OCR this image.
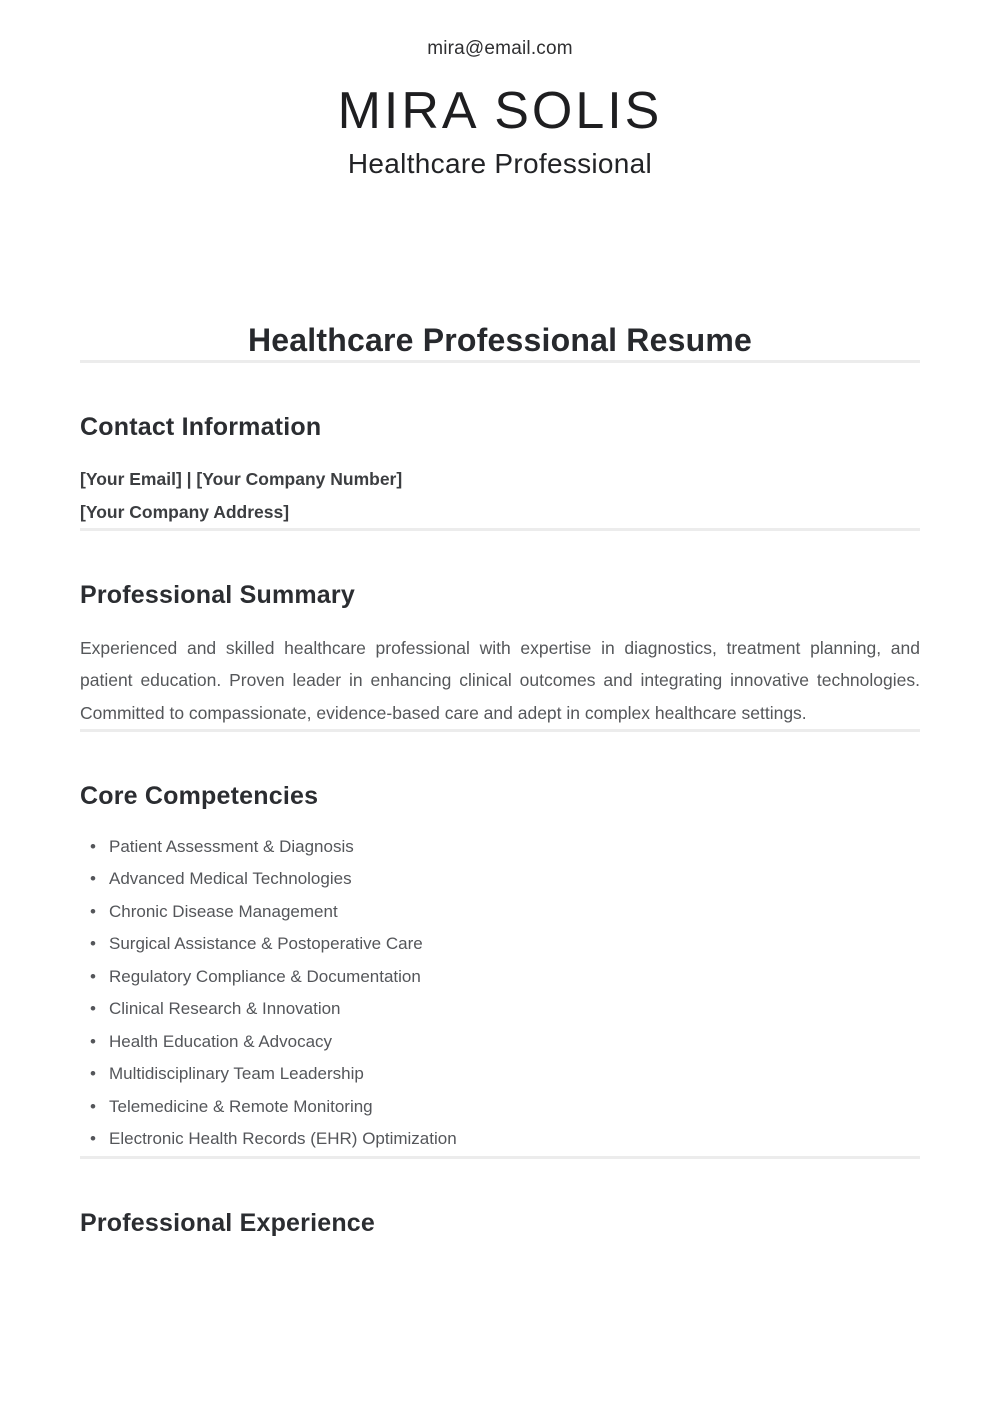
mira@email.com
MIRA SOLIS
Healthcare Professional
Healthcare Professional Resume
Contact Information
[Your Email] | [Your Company Number]
[Your Company Address]
Professional Summary

Experienced and skilled healthcare professional with expertise in diagnostics, treatment planning, and patient education. Proven leader in enhancing clinical outcomes and integrating innovative technologies. Committed to compassionate, evidence-based care and adept in complex healthcare settings.

Core Competencies
• Patient Assessment & Diagnosis
• Advanced Medical Technologies
• Chronic Disease Management
• Surgical Assistance & Postoperative Care
• Regulatory Compliance & Documentation
• Clinical Research & Innovation
• Health Education & Advocacy
• Multidisciplinary Team Leadership
• Telemedicine & Remote Monitoring
• Electronic Health Records (EHR) Optimization
Professional Experience
